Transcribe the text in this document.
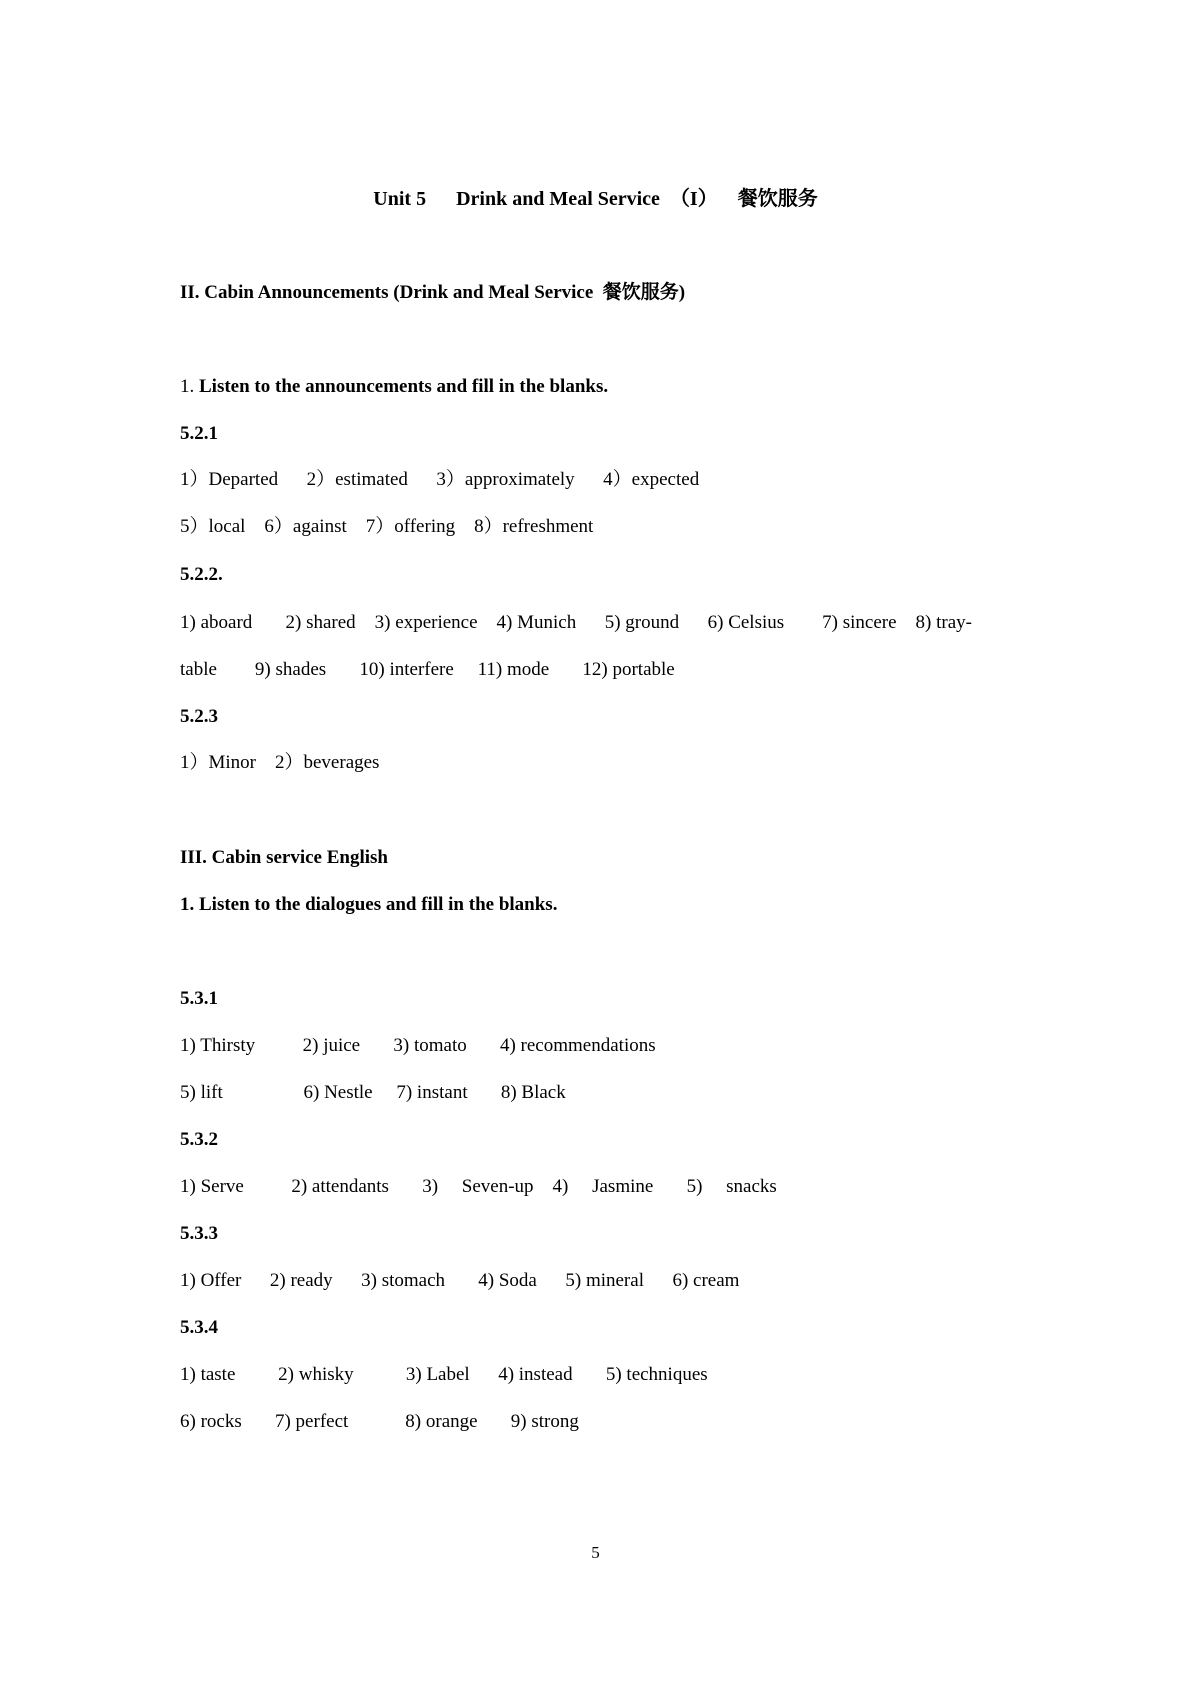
Unit 5      Drink and Meal Service  （I）    餐饮服务
II. Cabin Announcements (Drink and Meal Service  餐饮服务)
1. Listen to the announcements and fill in the blanks.
5.2.1
1）Departed      2）estimated      3）approximately      4）expected
5）local    6）against    7）offering    8）refreshment
5.2.2.
1) aboard       2) shared    3) experience    4) Munich      5) ground      6) Celsius        7) sincere    8) tray-
table        9) shades       10) interfere     11) mode       12) portable
5.2.3
1）Minor    2）beverages
III. Cabin service English
1. Listen to the dialogues and fill in the blanks.
5.3.1
1) Thirsty          2) juice       3) tomato       4) recommendations
5) lift                 6) Nestle     7) instant       8) Black
5.3.2
1) Serve          2) attendants       3)     Seven-up    4)     Jasmine       5)     snacks
5.3.3
1) Offer      2) ready      3) stomach       4) Soda      5) mineral      6) cream
5.3.4
1) taste         2) whisky           3) Label      4) instead       5) techniques
6) rocks       7) perfect            8) orange       9) strong
5
